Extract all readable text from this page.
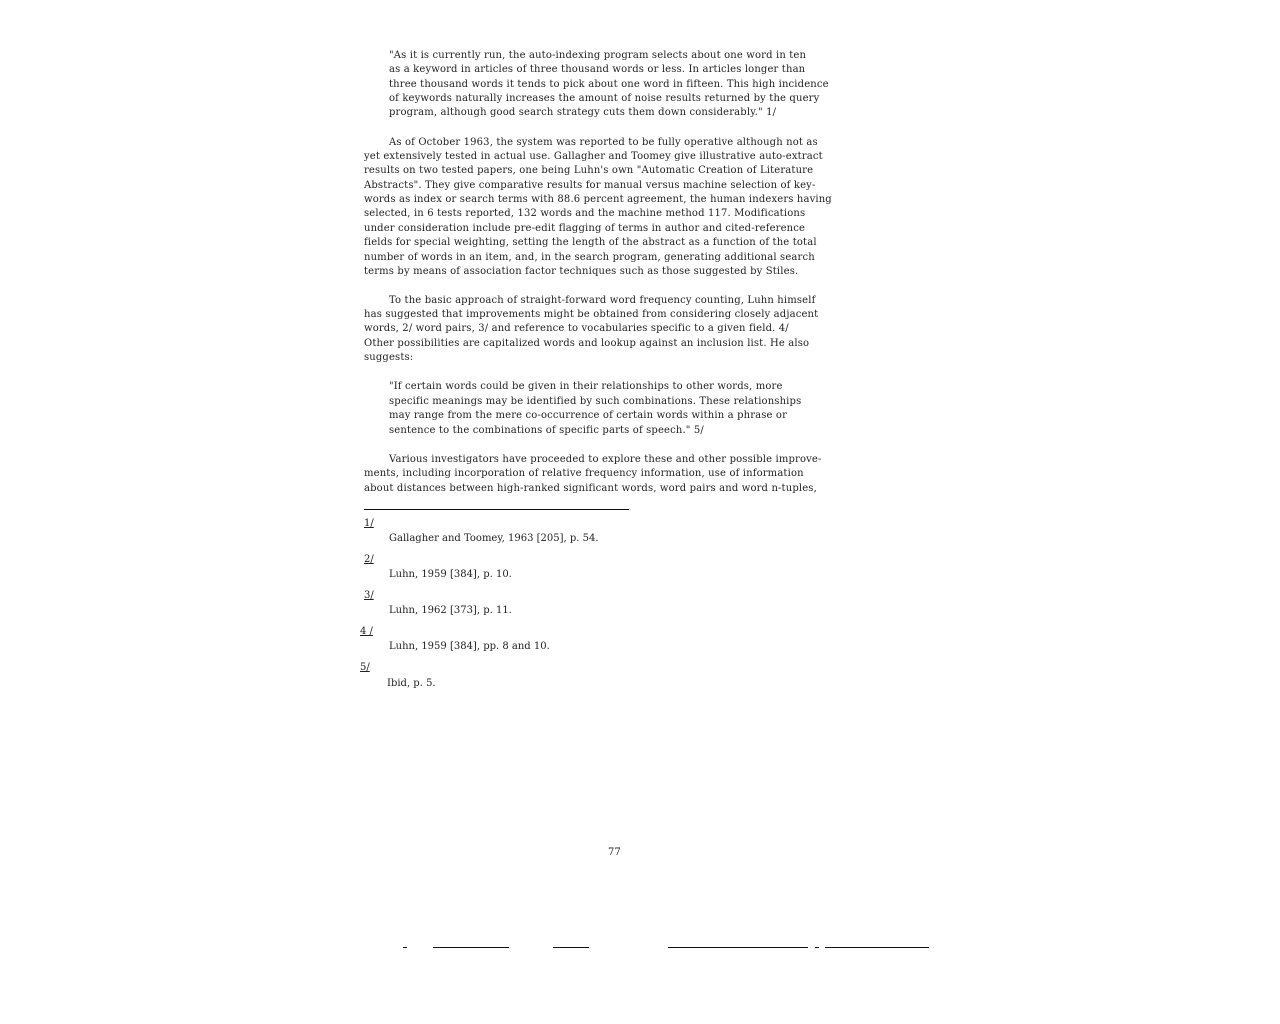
"As it is currently run, the auto-indexing program selects about one word in ten
as a keyword in articles of three thousand words or less. In articles longer than
three thousand words it tends to pick about one word in fifteen. This high incidence
of keywords naturally increases the amount of noise results returned by the query
program, although good search strategy cuts them down considerably." 1/
As of October 1963, the system was reported to be fully operative although not as
yet extensively tested in actual use. Gallagher and Toomey give illustrative auto-extract
results on two tested papers, one being Luhn's own "Automatic Creation of Literature
Abstracts". They give comparative results for manual versus machine selection of key-
words as index or search terms with 88.6 percent agreement, the human indexers having
selected, in 6 tests reported, 132 words and the machine method 117. Modifications
under consideration include pre-edit flagging of terms in author and cited-reference
fields for special weighting, setting the length of the abstract as a function of the total
number of words in an item, and, in the search program, generating additional search
terms by means of association factor techniques such as those suggested by Stiles.
To the basic approach of straight-forward word frequency counting, Luhn himself
has suggested that improvements might be obtained from considering closely adjacent
words, 2/ word pairs, 3/ and reference to vocabularies specific to a given field. 4/
Other possibilities are capitalized words and lookup against an inclusion list. He also
suggests:
"If certain words could be given in their relationships to other words, more
specific meanings may be identified by such combinations. These relationships
may range from the mere co-occurrence of certain words within a phrase or
sentence to the combinations of specific parts of speech." 5/
Various investigators have proceeded to explore these and other possible improve-
ments, including incorporation of relative frequency information, use of information
about distances between high-ranked significant words, word pairs and word n-tuples,
1/
Gallagher and Toomey, 1963 [205], p. 54.
2/
Luhn, 1959 [384], p. 10.
3/
Luhn, 1962 [373], p. 11.
4 /
Luhn, 1959 [384], pp. 8 and 10.
5/
Ibid, p. 5.
77
